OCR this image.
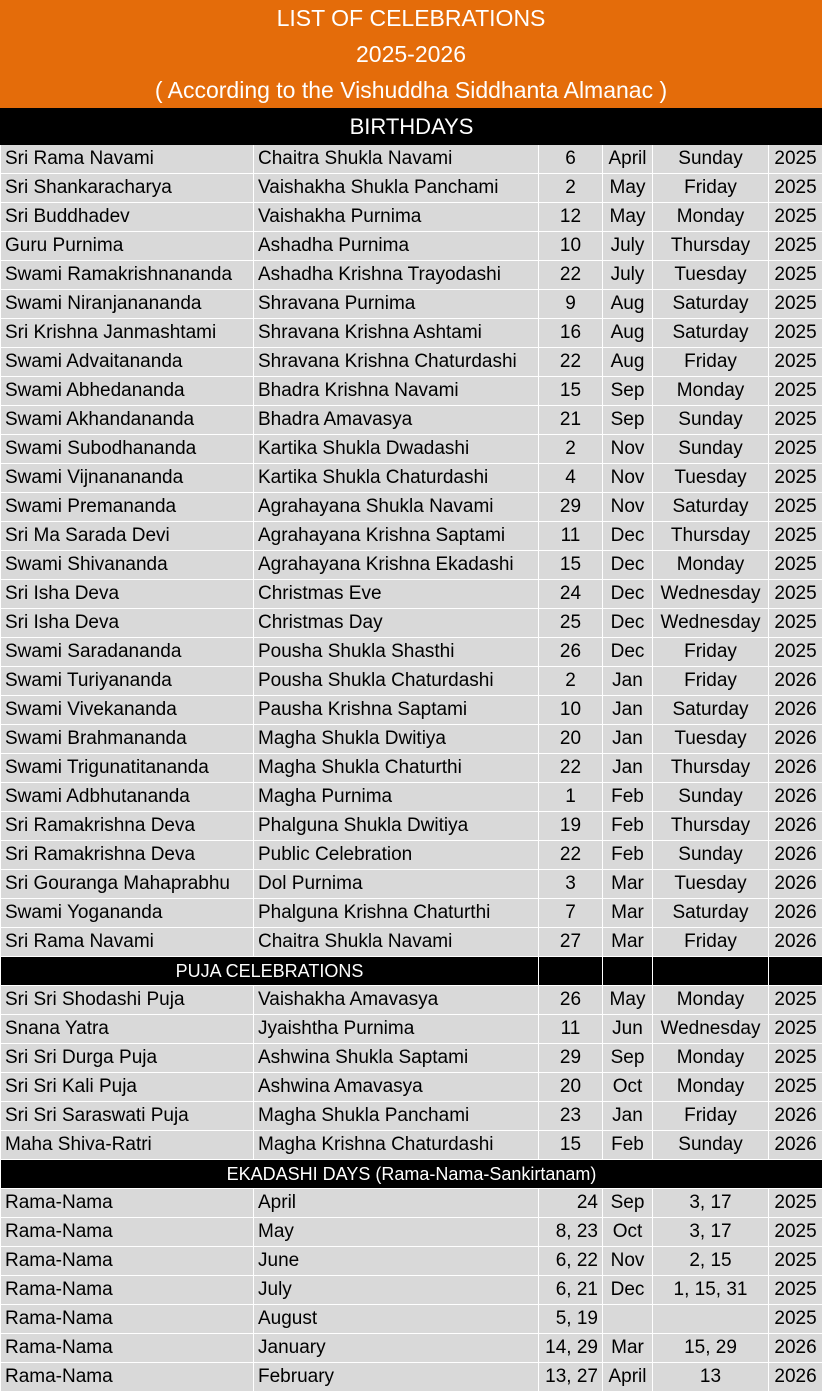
LIST OF CELEBRATIONS
2025-2026
( According to the Vishuddha Siddhanta Almanac )
BIRTHDAYS					
Sri Rama Navami	Chaitra Shukla Navami	6	April	Sunday	2025
Sri Shankaracharya	Vaishakha Shukla Panchami	2	May	Friday	2025
Sri Buddhadev	Vaishakha Purnima	12	May	Monday	2025
Guru Purnima	Ashadha Purnima	10	July	Thursday	2025
Swami Ramakrishnananda	Ashadha Krishna Trayodashi	22	July	Tuesday	2025
Swami Niranjanananda	Shravana Purnima	9	Aug	Saturday	2025
Sri Krishna Janmashtami	Shravana Krishna Ashtami	16	Aug	Saturday	2025
Swami Advaitananda	Shravana Krishna Chaturdashi	22	Aug	Friday	2025
Swami Abhedananda	Bhadra Krishna Navami	15	Sep	Monday	2025
Swami Akhandananda	Bhadra Amavasya	21	Sep	Sunday	2025
Swami Subodhananda	Kartika Shukla Dwadashi	2	Nov	Sunday	2025
Swami Vijnanananda	Kartika Shukla Chaturdashi	4	Nov	Tuesday	2025
Swami Premananda	Agrahayana Shukla Navami	29	Nov	Saturday	2025
Sri Ma Sarada Devi	Agrahayana Krishna Saptami	11	Dec	Thursday	2025
Swami Shivananda	Agrahayana Krishna Ekadashi	15	Dec	Monday	2025
Sri Isha Deva	Christmas Eve	24	Dec	Wednesday	2025
Sri Isha Deva	Christmas Day	25	Dec	Wednesday	2025
Swami Saradananda	Pousha Shukla Shasthi	26	Dec	Friday	2025
Swami Turiyananda	Pousha Shukla Chaturdashi	2	Jan	Friday	2026
Swami Vivekananda	Pausha Krishna Saptami	10	Jan	Saturday	2026
Swami Brahmananda	Magha Shukla Dwitiya	20	Jan	Tuesday	2026
Swami Trigunatitananda	Magha Shukla Chaturthi	22	Jan	Thursday	2026
Swami Adbhutananda	Magha Purnima	1	Feb	Sunday	2026
Sri Ramakrishna Deva	Phalguna Shukla Dwitiya	19	Feb	Thursday	2026
Sri Ramakrishna Deva	Public Celebration	22	Feb	Sunday	2026
Sri Gouranga Mahaprabhu	Dol Purnima	3	Mar	Tuesday	2026
Swami Yogananda	Phalguna Krishna Chaturthi	7	Mar	Saturday	2026
Sri Rama Navami	Chaitra Shukla Navami	27	Mar	Friday	2026
PUJA CELEBRATIONS					
Sri Sri Shodashi Puja	Vaishakha Amavasya	26	May	Monday	2025
Snana Yatra	Jyaishtha Purnima	11	Jun	Wednesday	2025
Sri Sri Durga Puja	Ashwina Shukla Saptami	29	Sep	Monday	2025
Sri Sri Kali Puja	Ashwina Amavasya	20	Oct	Monday	2025
Sri Sri Saraswati Puja	Magha Shukla Panchami	23	Jan	Friday	2026
Maha Shiva-Ratri	Magha Krishna Chaturdashi	15	Feb	Sunday	2026
EKADASHI DAYS (Rama-Nama-Sankirtanam)					
Rama-Nama	April	24	Sep	3, 17	2025
Rama-Nama	May	8, 23	Oct	3, 17	2025
Rama-Nama	June	6, 22	Nov	2, 15	2025
Rama-Nama	July	6, 21	Dec	1, 15, 31	2025
Rama-Nama	August	5, 19			2025
Rama-Nama	January	14, 29	Mar	15, 29	2026
Rama-Nama	February	13, 27	April	13	2026
